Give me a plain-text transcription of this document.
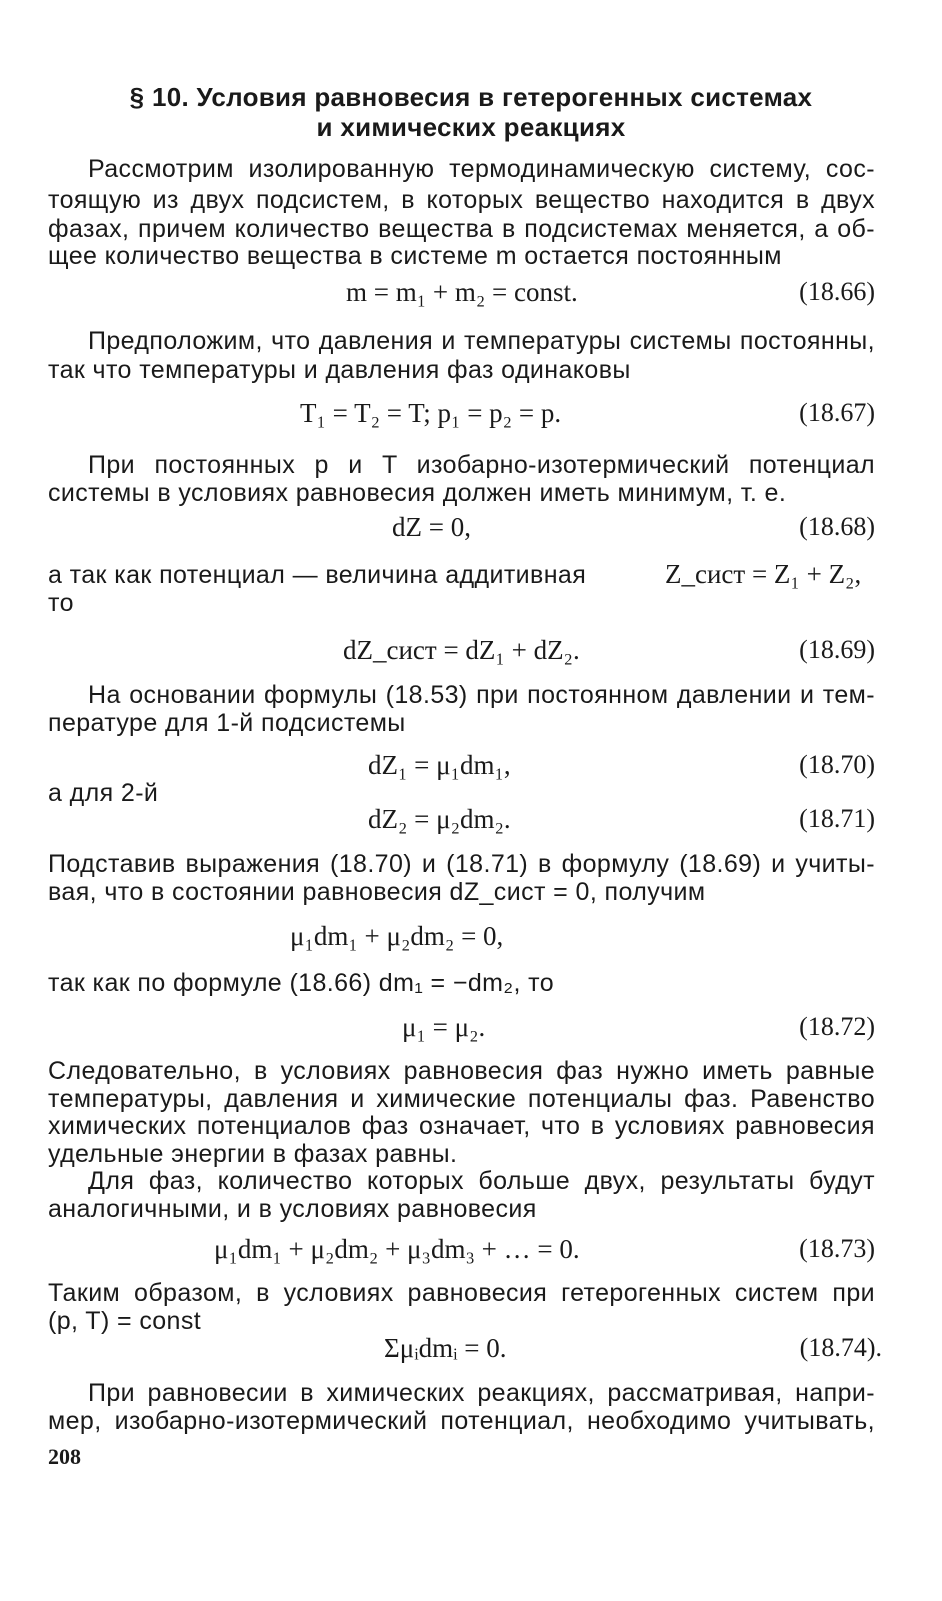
§ 10. Условия равновесия в гетерогенных системах
и химических реакциях
Рассмотрим изолированную термодинамическую систему, сос-
тоящую из двух подсистем, в которых вещество находится в двух
фазах, причем количество вещества в подсистемах меняется, а об-
щее количество вещества в системе m остается постоянным
m = m₁ + m₂ = const.	(18.66)
Предположим, что давления и температуры системы постоянны,
так что температуры и давления фаз одинаковы
T₁ = T₂ = T; p₁ = p₂ = p.	(18.67)
При постоянных p и T изобарно-изотермический потенциал
системы в условиях равновесия должен иметь минимум, т. е.
dZ = 0,	(18.68)
а так как потенциал — величина аддитивная	Z_сист = Z₁ + Z₂,
то
dZ_сист = dZ₁ + dZ₂.	(18.69)
На основании формулы (18.53) при постоянном давлении и тем-
пературе для 1-й подсистемы
dZ₁ = μ₁dm₁,	(18.70)
а для 2-й
dZ₂ = μ₂dm₂.	(18.71)
Подставив выражения (18.70) и (18.71) в формулу (18.69) и учиты-
вая, что в состоянии равновесия dZ_сист = 0, получим
μ₁dm₁ + μ₂dm₂ = 0,
так как по формуле (18.66) dm₁ = −dm₂, то
μ₁ = μ₂.	(18.72)
Следовательно, в условиях равновесия фаз нужно иметь равные
температуры, давления и химические потенциалы фаз. Равенство
химических потенциалов фаз означает, что в условиях равновесия
удельные энергии в фазах равны.
Для фаз, количество которых больше двух, результаты будут
аналогичными, и в условиях равновесия
μ₁dm₁ + μ₂dm₂ + μ₃dm₃ + … = 0.	(18.73)
Таким образом, в условиях равновесия гетерогенных систем при
(p, T) = const
Σμᵢdmᵢ = 0.	(18.74).
При равновесии в химических реакциях, рассматривая, напри-
мер, изобарно-изотермический потенциал, необходимо учитывать,
208
